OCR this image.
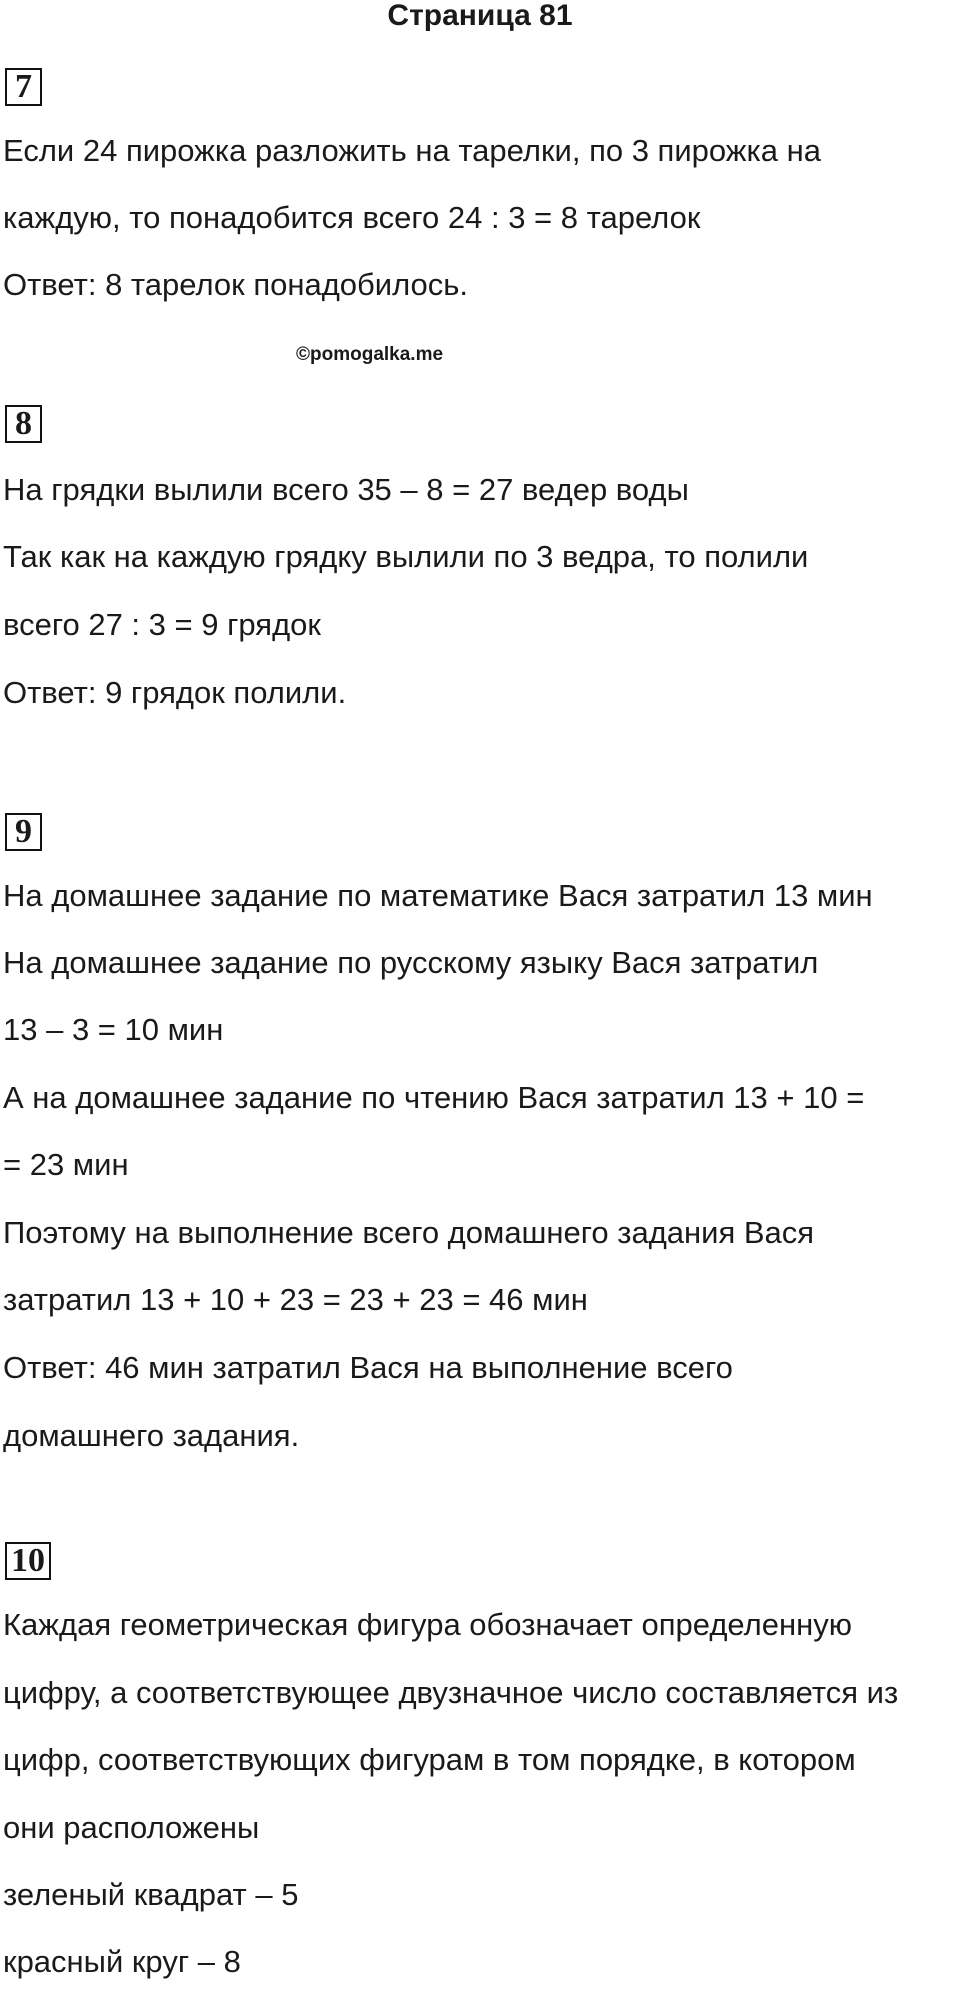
Страница 81
7
Если 24 пирожка разложить на тарелки, по 3 пирожка на
каждую, то понадобится всего 24 : 3 = 8 тарелок
Ответ: 8 тарелок понадобилось.
©pomogalka.me
8
На грядки вылили всего 35 – 8 = 27 ведер воды
Так как на каждую грядку вылили по 3 ведра, то полили
всего 27 : 3 = 9 грядок
Ответ: 9 грядок полили.
9
На домашнее задание по математике Вася затратил 13 мин
На домашнее задание по русскому языку Вася затратил
13 – 3 = 10 мин
А на домашнее задание по чтению Вася затратил 13 + 10 =
= 23 мин
Поэтому на выполнение всего домашнего задания Вася
затратил 13 + 10 + 23 = 23 + 23 = 46 мин
Ответ: 46 мин затратил Вася на выполнение всего
домашнего задания.
10
Каждая геометрическая фигура обозначает определенную
цифру, а соответствующее двузначное число составляется из
цифр, соответствующих фигурам в том порядке, в котором
они расположены
зеленый квадрат – 5
красный круг – 8
